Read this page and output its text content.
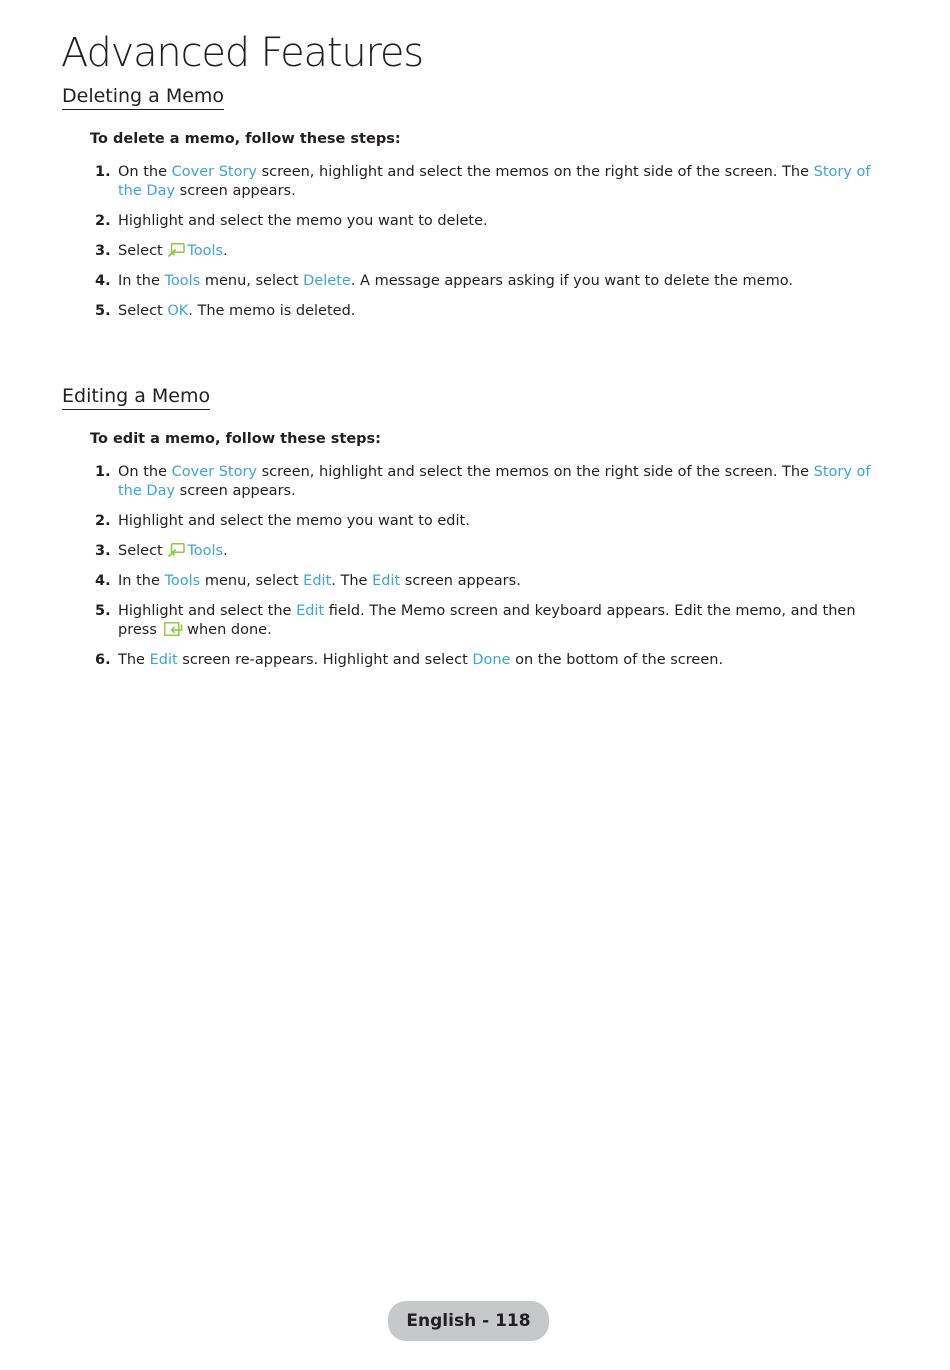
Advanced Features
Deleting a Memo

To delete a memo, follow these steps:

1. On the Cover Story screen, highlight and select the memos on the right side of the screen. The Story of the Day screen appears.
2. Highlight and select the memo you want to delete.
3. Select Tools.
4. In the Tools menu, select Delete. A message appears asking if you want to delete the memo.
5. Select OK. The memo is deleted.
Editing a Memo

To edit a memo, follow these steps:

1. On the Cover Story screen, highlight and select the memos on the right side of the screen. The Story of the Day screen appears.
2. Highlight and select the memo you want to edit.
3. Select Tools.
4. In the Tools menu, select Edit. The Edit screen appears.
5. Highlight and select the Edit field. The Memo screen and keyboard appears. Edit the memo, and then press  when done.
6. The Edit screen re-appears. Highlight and select Done on the bottom of the screen.
English - 118
